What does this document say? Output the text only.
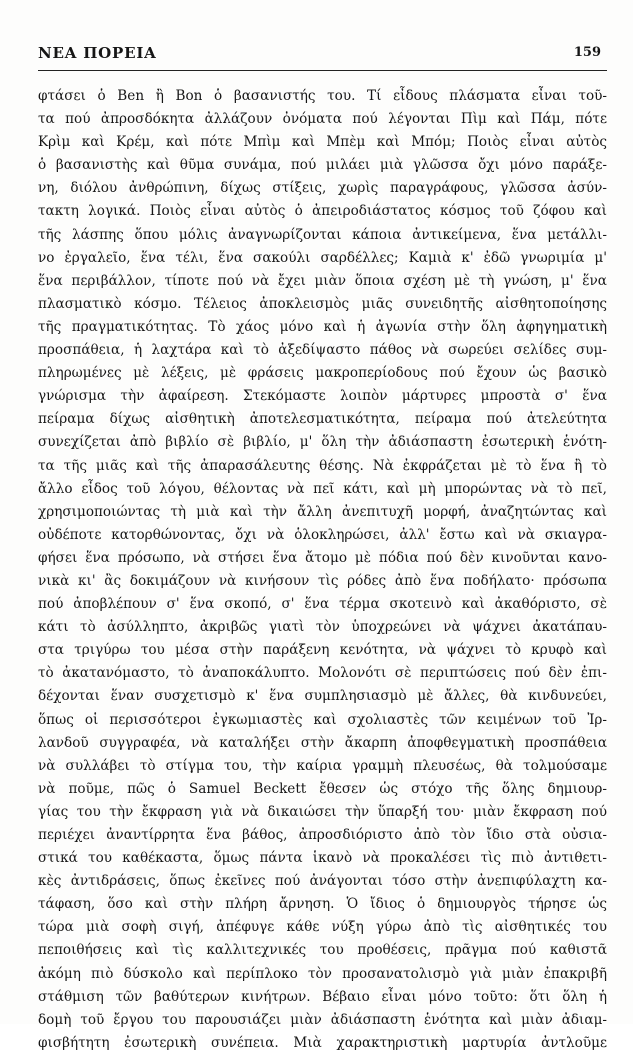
ΝΕΑ ΠΟΡΕΙΑ	159
φτάσει ὁ Ben ἢ Bon ὁ βασανιστής του. Τί εἶδους πλάσματα εἶναι τοῦ-
τα πού ἀπροσδόκητα ἀλλάζουν ὀνόματα πού λέγονται Πὶμ καὶ Πάμ, πότε
Κρὶμ καὶ Κρέμ, καὶ πότε Μπὶμ καὶ Μπὲμ καὶ Μπόμ; Ποιὸς εἶναι αὐτὸς
ὁ βασανιστὴς καὶ θῦμα συνάμα, πού μιλάει μιὰ γλῶσσα ὄχι μόνο παράξε-
νη, διόλου ἀνθρώπινη, δίχως στίξεις, χωρὶς παραγράφους, γλῶσσα ἀσύν-
τακτη λογικά. Ποιὸς εἶναι αὐτὸς ὁ ἀπειροδιάστατος κόσμος τοῦ ζόφου καὶ
τῆς λάσπης ὅπου μόλις ἀναγνωρίζονται κάποια ἀντικείμενα, ἕνα μετάλλι-
νο ἐργαλεῖο, ἕνα τέλι, ἕνα σακούλι σαρδέλλες; Καμιὰ κ' ἐδῶ γνωριμία μ'
ἕνα περιβάλλον, τίποτε πού νὰ ἔχει μιὰν ὅποια σχέση μὲ τὴ γνώση, μ' ἕνα
πλασματικὸ κόσμο. Τέλειος ἀποκλεισμὸς μιᾶς συνειδητῆς αἰσθητοποίησης
τῆς πραγματικότητας. Τὸ χάος μόνο καὶ ἡ ἀγωνία στὴν ὅλη ἀφηγηματικὴ
προσπάθεια, ἡ λαχτάρα καὶ τὸ ἀξεδίψαστο πάθος νὰ σωρεύει σελίδες συμ-
πληρωμένες μὲ λέξεις, μὲ φράσεις μακροπερίοδους πού ἔχουν ὡς βασικὸ
γνώρισμα τὴν ἀφαίρεση. Στεκόμαστε λοιπὸν μάρτυρες μπροστὰ σ' ἕνα
πείραμα δίχως αἰσθητικὴ ἀποτελεσματικότητα, πείραμα πού ἀτελεύτητα
συνεχίζεται ἀπὸ βιβλίο σὲ βιβλίο, μ' ὅλη τὴν ἀδιάσπαστη ἐσωτερικὴ ἑνότη-
τα τῆς μιᾶς καὶ τῆς ἀπαρασάλευτης θέσης. Νὰ ἐκφράζεται μὲ τὸ ἕνα ἢ τὸ
ἄλλο εἶδος τοῦ λόγου, θέλοντας νὰ πεῖ κάτι, καὶ μὴ μπορώντας νὰ τὸ πεῖ,
χρησιμοποιώντας τὴ μιὰ καὶ τὴν ἄλλη ἀνεπιτυχῆ μορφή, ἀναζητώντας καὶ
οὐδέποτε κατορθώνοντας, ὄχι νὰ ὁλοκληρώσει, ἀλλ' ἔστω καὶ νὰ σκιαγρα-
φήσει ἕνα πρόσωπο, νὰ στήσει ἕνα ἄτομο μὲ πόδια πού δὲν κινοῦνται κανο-
νικὰ κι' ἂς δοκιμάζουν νὰ κινήσουν τὶς ρόδες ἀπὸ ἕνα ποδήλατο· πρόσωπα
πού ἀποβλέπουν σ' ἕνα σκοπό, σ' ἕνα τέρμα σκοτεινὸ καὶ ἀκαθόριστο, σὲ
κάτι τὸ ἀσύλληπτο, ἀκριβῶς γιατὶ τὸν ὑποχρεώνει νὰ ψάχνει ἀκατάπαυ-
στα τριγύρω του μέσα στὴν παράξενη κενότητα, νὰ ψάχνει τὸ κρυφὸ καὶ
τὸ ἀκατανόμαστο, τὸ ἀναποκάλυπτο. Μολονότι σὲ περιπτώσεις πού δὲν ἐπι-
δέχονται ἕναν συσχετισμὸ κ' ἕνα συμπλησιασμὸ μὲ ἄλλες, θὰ κινδυνεύει,
ὅπως οἱ περισσότεροι ἐγκωμιαστὲς καὶ σχολιαστὲς τῶν κειμένων τοῦ Ἰρ-
λανδοῦ συγγραφέα, νὰ καταλήξει στὴν ἄκαρπη ἀποφθεγματικὴ προσπάθεια
νὰ συλλάβει τὸ στίγμα του, τὴν καίρια γραμμὴ πλευσέως, θὰ τολμούσαμε
νὰ ποῦμε, πῶς ὁ Samuel Beckett ἔθεσεν ὡς στόχο τῆς ὅλης δημιουρ-
γίας του τὴν ἔκφραση γιὰ νὰ δικαιώσει τὴν ὕπαρξή του· μιὰν ἔκφραση πού
περιέχει ἀναντίρρητα ἕνα βάθος, ἀπροσδιόριστο ἀπὸ τὸν ἴδιο στὰ οὐσια-
στικά του καθέκαστα, ὅμως πάντα ἱκανὸ νὰ προκαλέσει τὶς πιὸ ἀντιθετι-
κὲς ἀντιδράσεις, ὅπως ἐκεῖνες πού ἀνάγονται τόσο στὴν ἀνεπιφύλαχτη κα-
τάφαση, ὅσο καὶ στὴν πλήρη ἄρνηση. Ὁ ἴδιος ὁ δημιουργὸς τήρησε ὡς
τώρα μιὰ σοφὴ σιγή, ἀπέφυγε κάθε νύξη γύρω ἀπὸ τὶς αἰσθητικές του
πεποιθήσεις καὶ τὶς καλλιτεχνικές του προθέσεις, πρᾶγμα πού καθιστᾶ
ἀκόμη πιὸ δύσκολο καὶ περίπλοκο τὸν προσανατολισμὸ γιὰ μιὰν ἐπακριβῆ
στάθμιση τῶν βαθύτερων κινήτρων. Βέβαιο εἶναι μόνο τοῦτο: ὅτι ὅλη ἡ
δομὴ τοῦ ἔργου του παρουσιάζει μιὰν ἀδιάσπαστη ἑνότητα καὶ μιὰν ἀδιαμ-
φισβήτητη ἐσωτερικὴ συνέπεια. Μιὰ χαρακτηριστικὴ μαρτυρία ἀντλοῦμε
